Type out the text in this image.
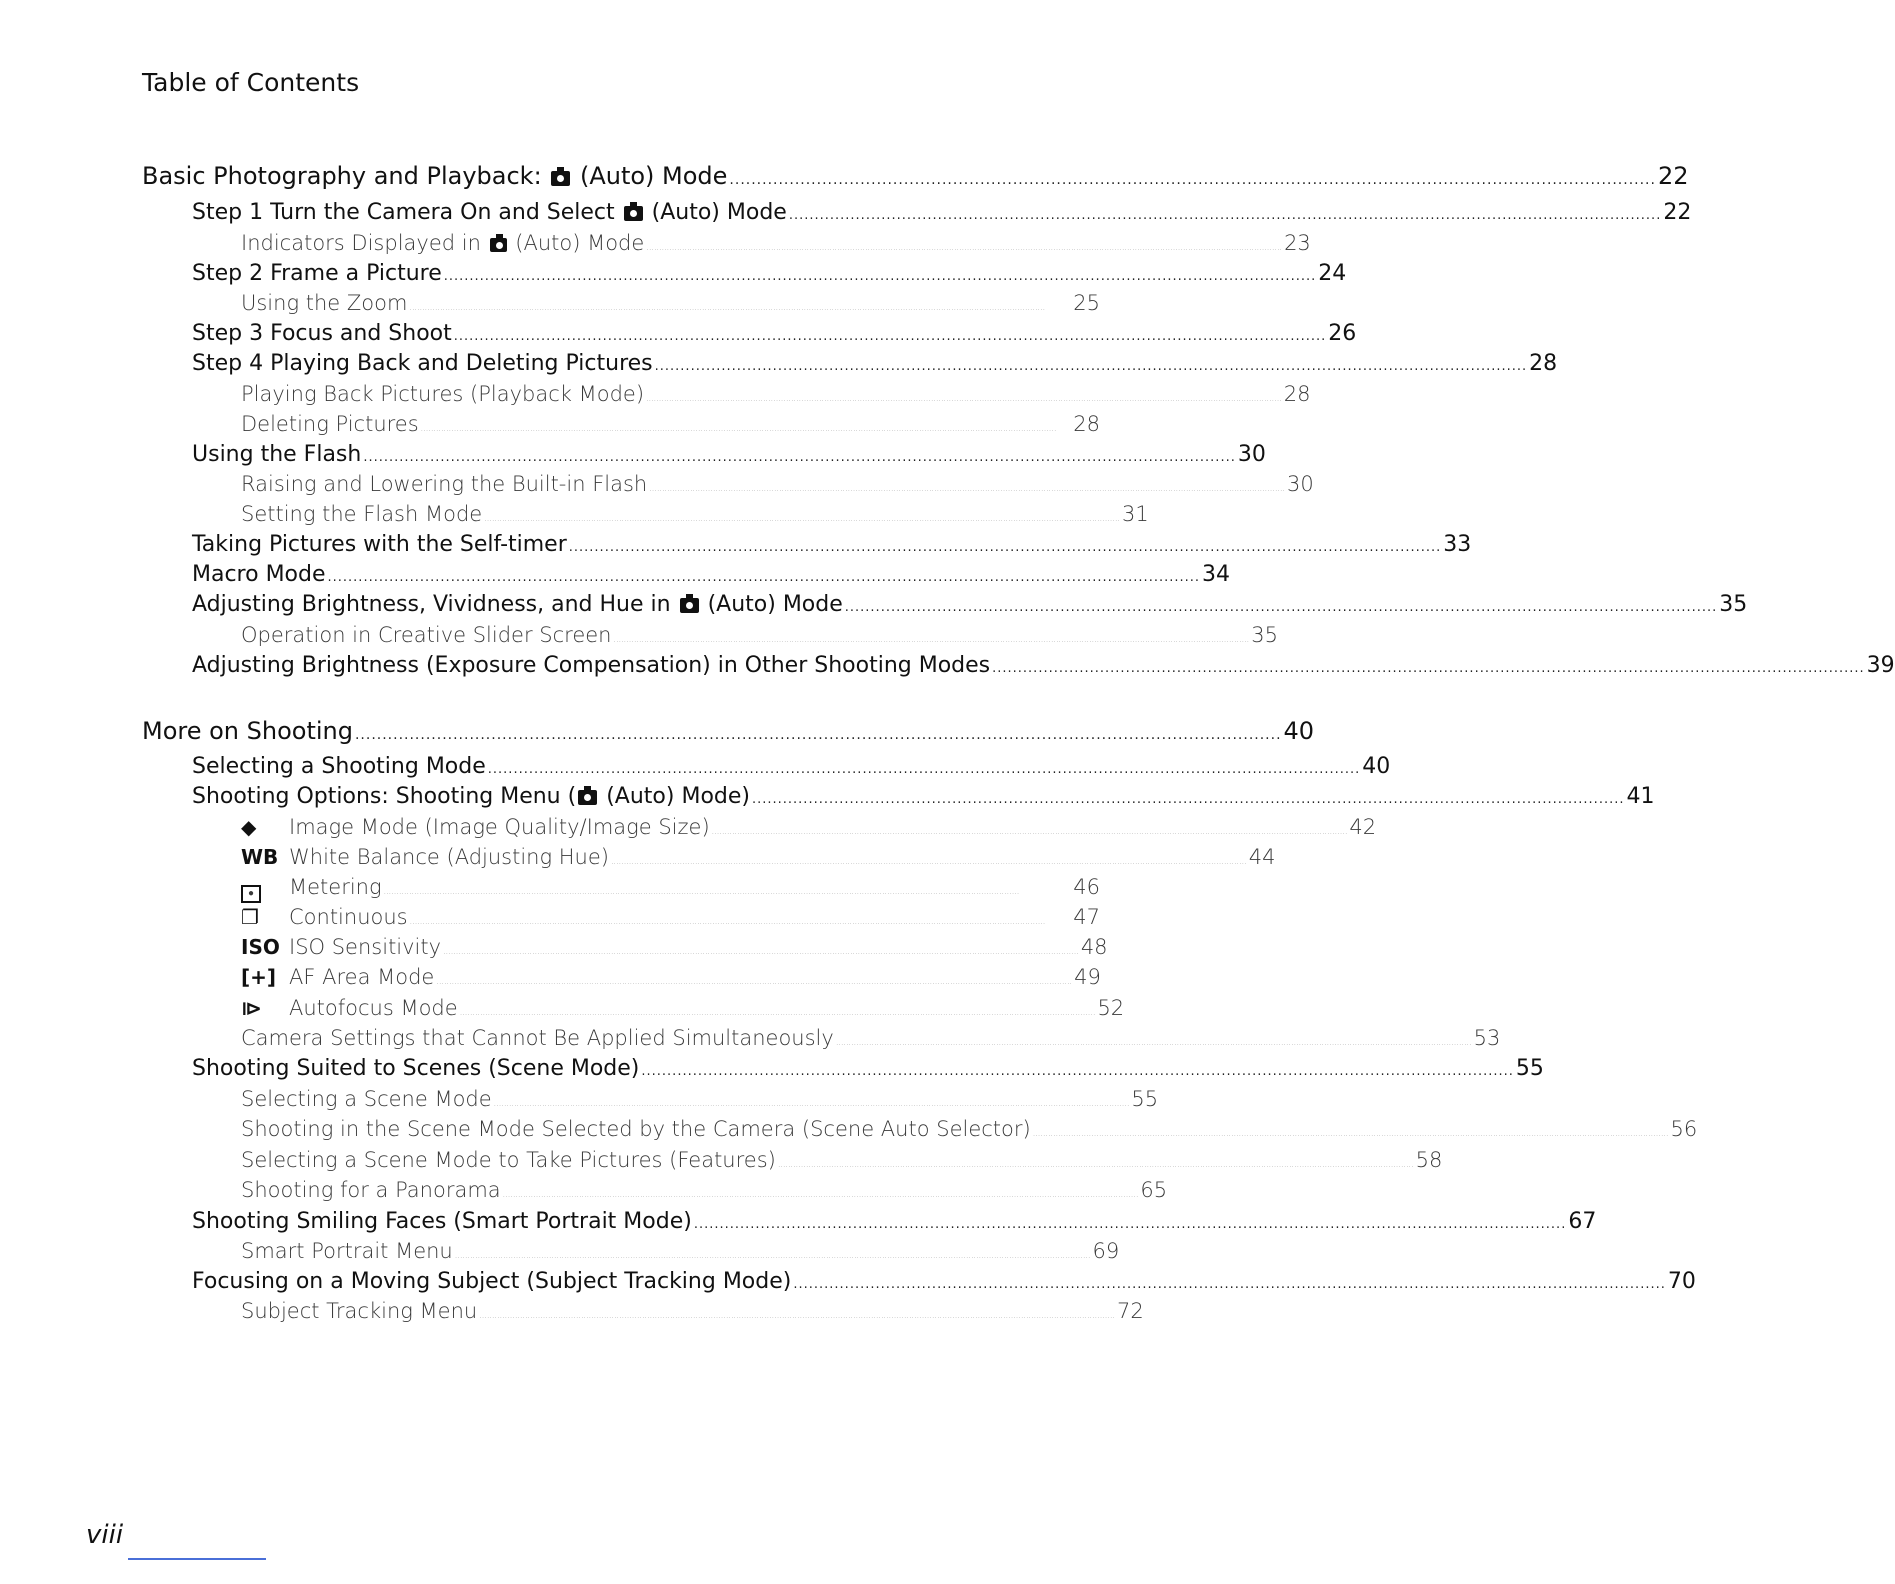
Table of Contents
Basic Photography and Playback: (Auto) Mode .......................................................................................................................................................................... 22
Step 1 Turn the Camera On and Select (Auto) Mode .......................................................................................................................................................................... 22
Indicators Displayed in (Auto) Mode .......................................................................................................................................................................................................................................................... 23
Step 2 Frame a Picture .......................................................................................................................................................................... 24
Using the Zoom ..........................................................................................................................................................................................................................................................	25
Step 3 Focus and Shoot .......................................................................................................................................................................... 26
Step 4 Playing Back and Deleting Pictures .......................................................................................................................................................................... 28
Playing Back Pictures (Playback Mode) .......................................................................................................................................................................................................................................................... 28
Deleting Pictures .......................................................................................................................................................................................................................................................... 28
Using the Flash .......................................................................................................................................................................... 30
Raising and Lowering the Built-in Flash .......................................................................................................................................................................................................................................................... 30
Setting the Flash Mode .......................................................................................................................................................................................................................................................... 31
Taking Pictures with the Self-timer .......................................................................................................................................................................... 33
Macro Mode .......................................................................................................................................................................... 34
Adjusting Brightness, Vividness, and Hue in (Auto) Mode .......................................................................................................................................................................... 35
Operation in Creative Slider Screen .......................................................................................................................................................................................................................................................... 35
Adjusting Brightness (Exposure Compensation) in Other Shooting Modes .......................................................................................................................................................................... 39
More on Shooting .......................................................................................................................................................................... 40
Selecting a Shooting Mode .......................................................................................................................................................................... 40
Shooting Options: Shooting Menu ( (Auto) Mode) .......................................................................................................................................................................... 41
◆ Image Mode (Image Quality/Image Size) .......................................................................................................................................................................................................................................................... 42
WB White Balance (Adjusting Hue) .......................................................................................................................................................................................................................................................... 44
● Metering ..........................................................................................................................................................................................................................................................	46
❐ Continuous ..........................................................................................................................................................................................................................................................	47
ISO ISO Sensitivity .......................................................................................................................................................................................................................................................... 48
[+] AF Area Mode .......................................................................................................................................................................................................................................................... 49
⧐ Autofocus Mode .......................................................................................................................................................................................................................................................... 52
Camera Settings that Cannot Be Applied Simultaneously .......................................................................................................................................................................................................................................................... 53
Shooting Suited to Scenes (Scene Mode) .......................................................................................................................................................................... 55
Selecting a Scene Mode .......................................................................................................................................................................................................................................................... 55
Shooting in the Scene Mode Selected by the Camera (Scene Auto Selector) .......................................................................................................................................................................................................................................................... 56
Selecting a Scene Mode to Take Pictures (Features) .......................................................................................................................................................................................................................................................... 58
Shooting for a Panorama .......................................................................................................................................................................................................................................................... 65
Shooting Smiling Faces (Smart Portrait Mode) .......................................................................................................................................................................... 67
Smart Portrait Menu .......................................................................................................................................................................................................................................................... 69
Focusing on a Moving Subject (Subject Tracking Mode) .......................................................................................................................................................................... 70
Subject Tracking Menu .......................................................................................................................................................................................................................................................... 72
viii
